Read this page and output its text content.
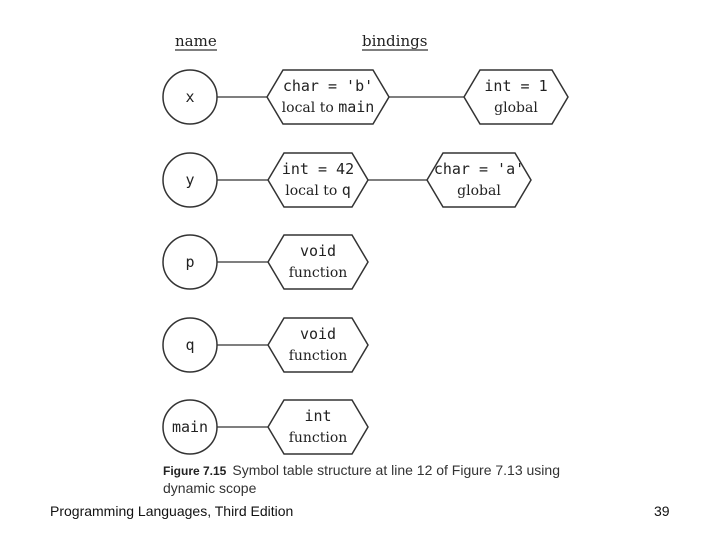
name	bindings
x
char = 'b'
local to main
int = 1
global
y
int = 42
local to q
char = 'a'
global
p
void
function
q
void
function
main
int
function
Figure 7.15 Symbol table structure at line 12 of Figure 7.13 using dynamic scope
Programming Languages, Third Edition	39
